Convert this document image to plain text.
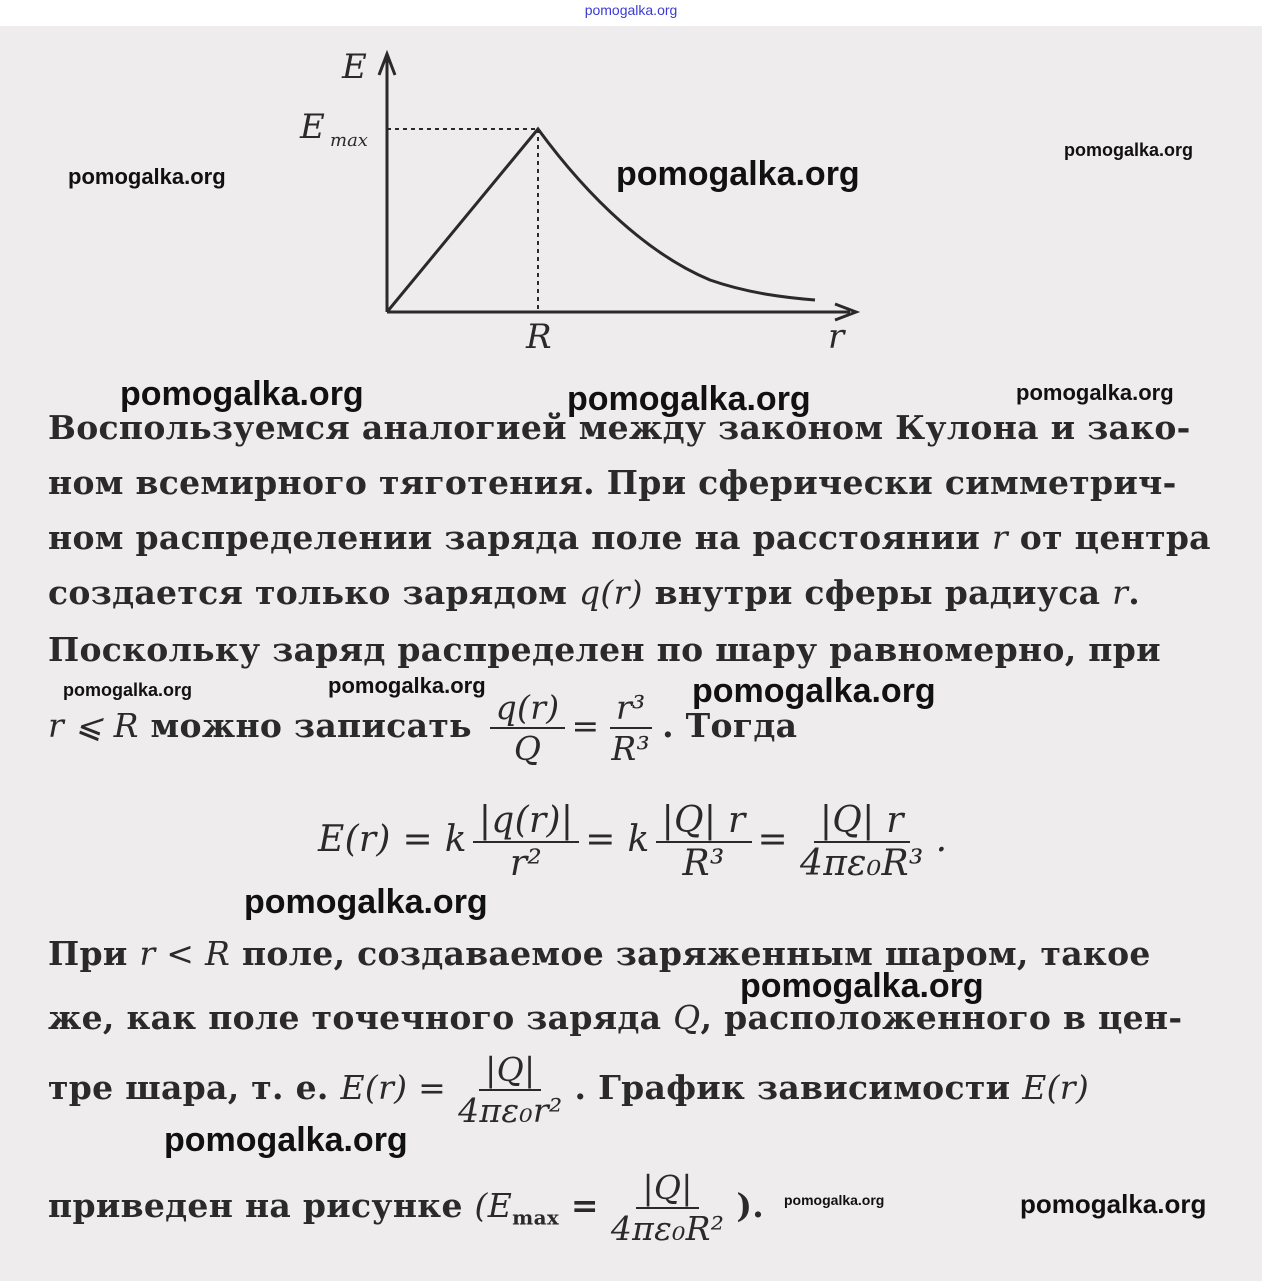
pomogalka.org
E
E max
R	r
Воспользуемся аналогией между законом Кулона и зако-
ном всемирного тяготения. При сферически симметрич-
ном распределении заряда поле на расстоянии r от центра
создается только зарядом q(r) внутри сферы радиуса r.
Поскольку заряд распределен по шару равномерно, при
r ⩽ R можно записать $\frac{q(r)}{Q} = \frac{\text{r³}}{\text{R³}}$ . Тогда
E(r) = k $\frac{|q(r)|}{\text{r²}} = k \frac{|Q| r}{\text{R³}} = \frac{|Q| r}{\text{4πε₀R³}}$ .
При r < R поле, создаваемое заряженным шаром, такое
же, как поле точечного заряда Q, расположенного в цен-
тре шара, т. е. $E(r) = \frac{|Q|}{\text{4πε₀r²}}$ . График зависимости E(r)
приведен на рисунке ($E_{max} = \frac{|Q|}{\text{4πε₀R²}}$ ).
pomogalka.org
pomogalka.org	pomogalka.org
pomogalka.org	pomogalka.org	pomogalka.org
pomogalka.org	pomogalka.org	pomogalka.org
pomogalka.org
pomogalka.org
pomogalka.org
pomogalka.org	pomogalka.org
